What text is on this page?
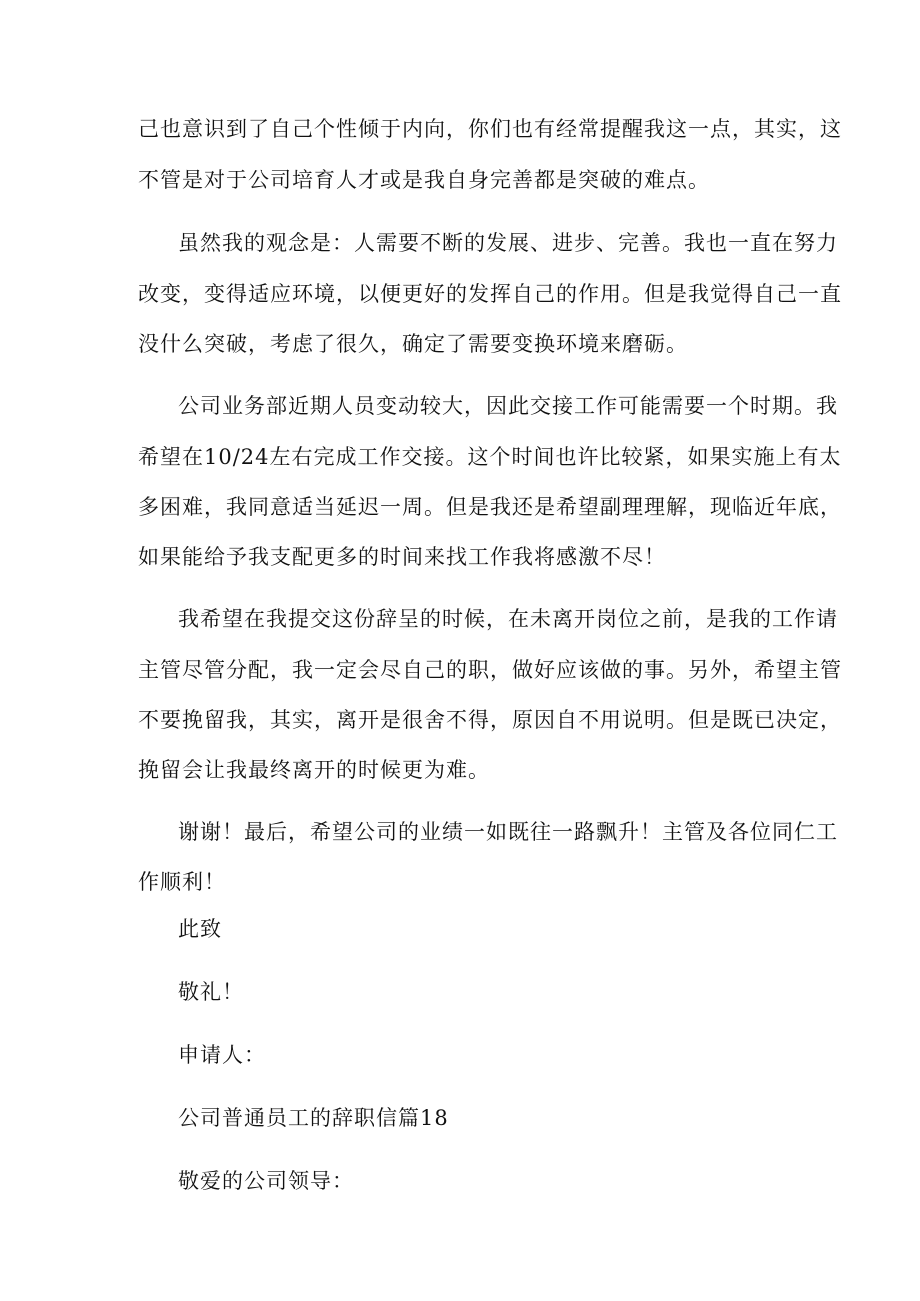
己也意识到了自己个性倾于内向，你们也有经常提醒我这一点，其实，这
不管是对于公司培育人才或是我自身完善都是突破的难点。
虽然我的观念是：人需要不断的发展、进步、完善。我也一直在努力
改变，变得适应环境，以便更好的发挥自己的作用。但是我觉得自己一直
没什么突破，考虑了很久，确定了需要变换环境来磨砺。
公司业务部近期人员变动较大，因此交接工作可能需要一个时期。我
希望在10/24左右完成工作交接。这个时间也许比较紧，如果实施上有太
多困难，我同意适当延迟一周。但是我还是希望副理理解，现临近年底，
如果能给予我支配更多的时间来找工作我将感激不尽！
我希望在我提交这份辞呈的时候，在未离开岗位之前，是我的工作请
主管尽管分配，我一定会尽自己的职，做好应该做的事。另外，希望主管
不要挽留我，其实，离开是很舍不得，原因自不用说明。但是既已决定，
挽留会让我最终离开的时候更为难。
谢谢！最后，希望公司的业绩一如既往一路飘升！主管及各位同仁工
作顺利！
此致
敬礼！
申请人：
公司普通员工的辞职信篇18
敬爱的公司领导：
